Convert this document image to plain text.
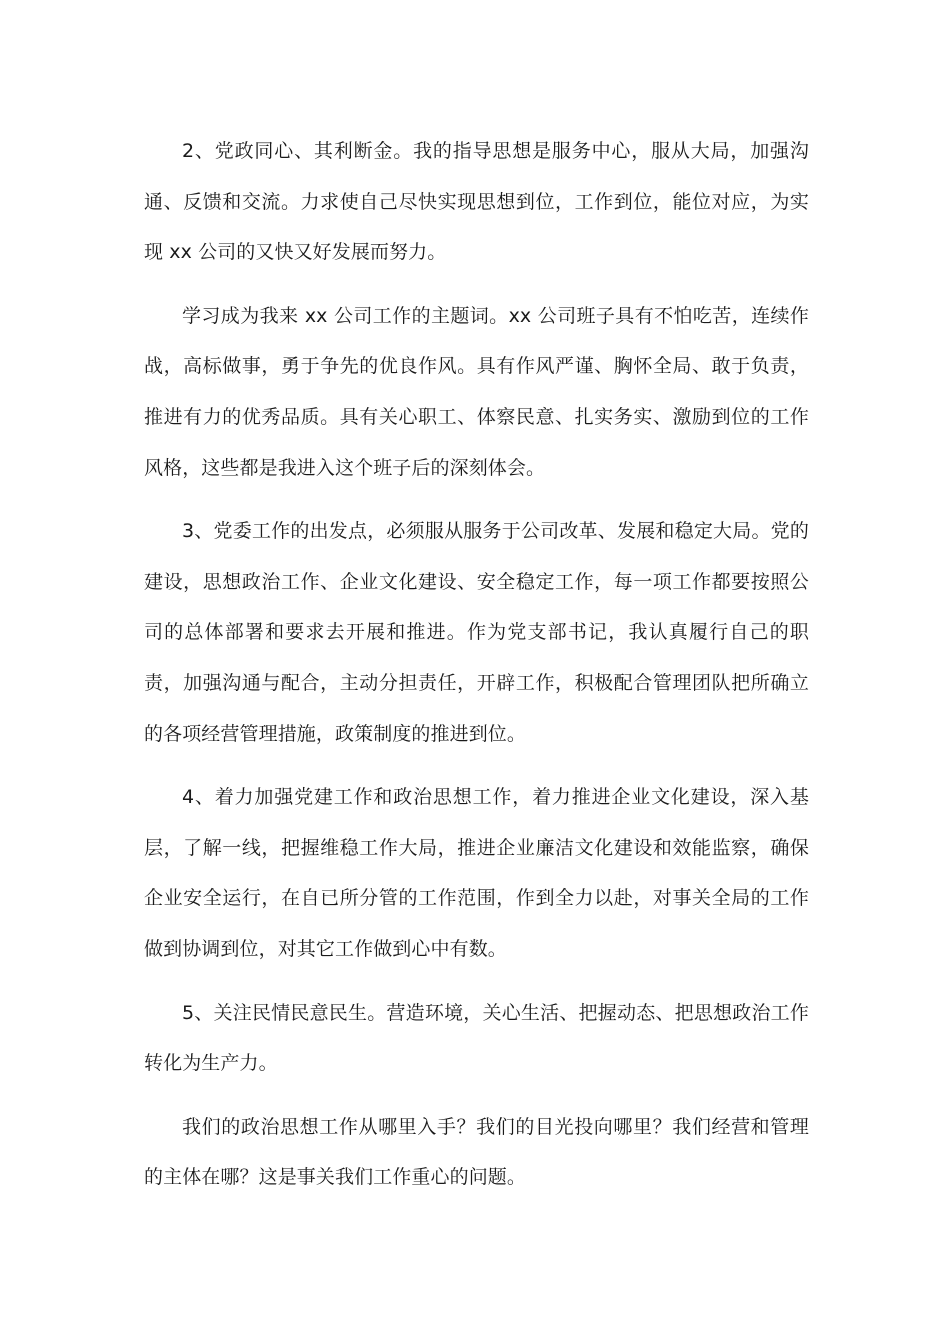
2、党政同心、其利断金。我的指导思想是服务中心，服从大局，加强沟通、反馈和交流。力求使自己尽快实现思想到位，工作到位，能位对应，为实现 xx 公司的又快又好发展而努力。

学习成为我来 xx 公司工作的主题词。xx 公司班子具有不怕吃苦，连续作战，高标做事，勇于争先的优良作风。具有作风严谨、胸怀全局、敢于负责，推进有力的优秀品质。具有关心职工、体察民意、扎实务实、激励到位的工作风格，这些都是我进入这个班子后的深刻体会。

3、党委工作的出发点，必须服从服务于公司改革、发展和稳定大局。党的建设，思想政治工作、企业文化建设、安全稳定工作，每一项工作都要按照公司的总体部署和要求去开展和推进。作为党支部书记，我认真履行自己的职责，加强沟通与配合，主动分担责任，开辟工作，积极配合管理团队把所确立的各项经营管理措施，政策制度的推进到位。

4、着力加强党建工作和政治思想工作，着力推进企业文化建设，深入基层，了解一线，把握维稳工作大局，推进企业廉洁文化建设和效能监察，确保企业安全运行，在自已所分管的工作范围，作到全力以赴，对事关全局的工作做到协调到位，对其它工作做到心中有数。

5、关注民情民意民生。营造环境，关心生活、把握动态、把思想政治工作转化为生产力。

我们的政治思想工作从哪里入手？我们的目光投向哪里？我们经营和管理的主体在哪？这是事关我们工作重心的问题。
